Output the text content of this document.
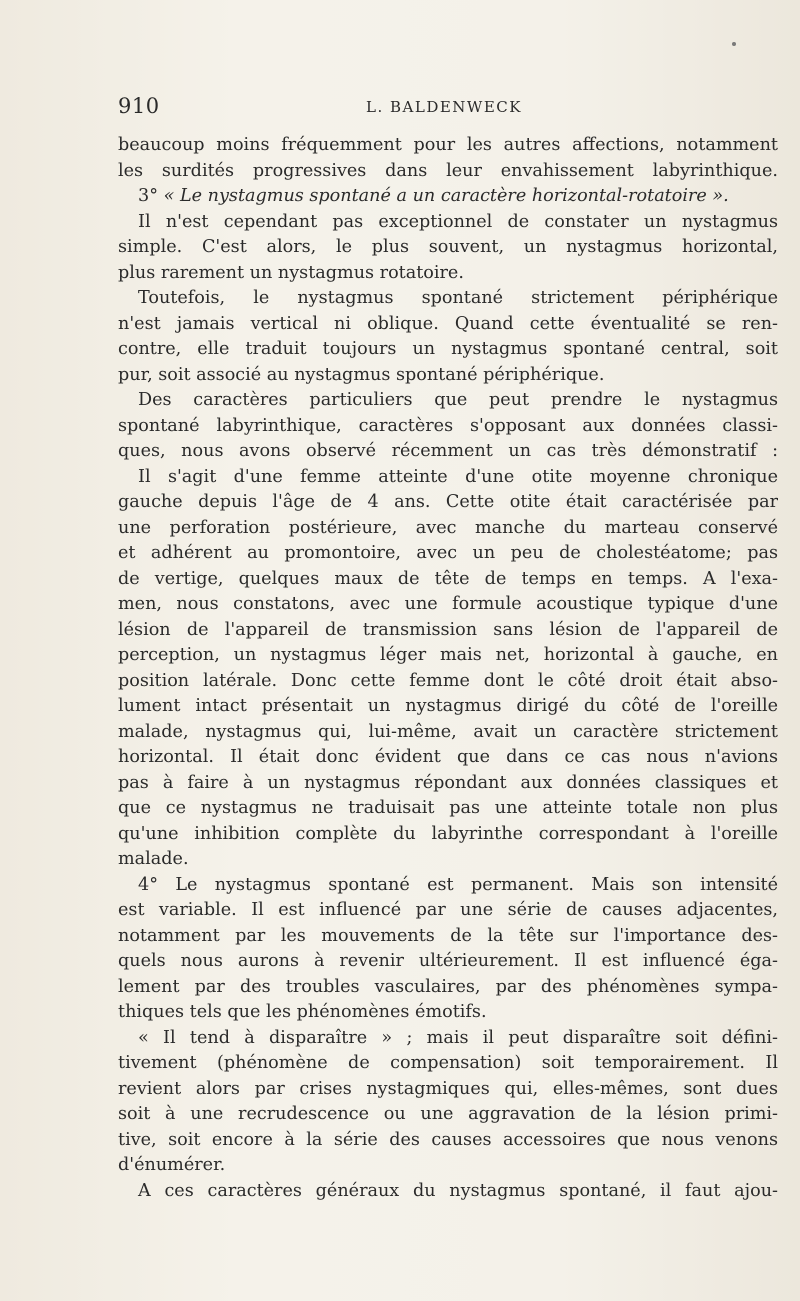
910	L. BALDENWECK
beaucoup moins fréquemment pour les autres affections, notamment
les surdités progressives dans leur envahissement labyrinthique.
3° « Le nystagmus spontané a un caractère horizontal-rotatoire ».
Il n'est cependant pas exceptionnel de constater un nystagmus
simple. C'est alors, le plus souvent, un nystagmus horizontal,
plus rarement un nystagmus rotatoire.
Toutefois, le nystagmus spontané strictement périphérique
n'est jamais vertical ni oblique. Quand cette éventualité se ren-
contre, elle traduit toujours un nystagmus spontané central, soit
pur, soit associé au nystagmus spontané périphérique.
Des caractères particuliers que peut prendre le nystagmus
spontané labyrinthique, caractères s'opposant aux données classi-
ques, nous avons observé récemment un cas très démonstratif :
Il s'agit d'une femme atteinte d'une otite moyenne chronique
gauche depuis l'âge de 4 ans. Cette otite était caractérisée par
une perforation postérieure, avec manche du marteau conservé
et adhérent au promontoire, avec un peu de cholestéatome; pas
de vertige, quelques maux de tête de temps en temps. A l'exa-
men, nous constatons, avec une formule acoustique typique d'une
lésion de l'appareil de transmission sans lésion de l'appareil de
perception, un nystagmus léger mais net, horizontal à gauche, en
position latérale. Donc cette femme dont le côté droit était abso-
lument intact présentait un nystagmus dirigé du côté de l'oreille
malade, nystagmus qui, lui-même, avait un caractère strictement
horizontal. Il était donc évident que dans ce cas nous n'avions
pas à faire à un nystagmus répondant aux données classiques et
que ce nystagmus ne traduisait pas une atteinte totale non plus
qu'une inhibition complète du labyrinthe correspondant à l'oreille
malade.
4° Le nystagmus spontané est permanent. Mais son intensité
est variable. Il est influencé par une série de causes adjacentes,
notamment par les mouvements de la tête sur l'importance des-
quels nous aurons à revenir ultérieurement. Il est influencé éga-
lement par des troubles vasculaires, par des phénomènes sympa-
thiques tels que les phénomènes émotifs.
« Il tend à disparaître » ; mais il peut disparaître soit défini-
tivement (phénomène de compensation) soit temporairement. Il
revient alors par crises nystagmiques qui, elles-mêmes, sont dues
soit à une recrudescence ou une aggravation de la lésion primi-
tive, soit encore à la série des causes accessoires que nous venons
d'énumérer.
A ces caractères généraux du nystagmus spontané, il faut ajou-
